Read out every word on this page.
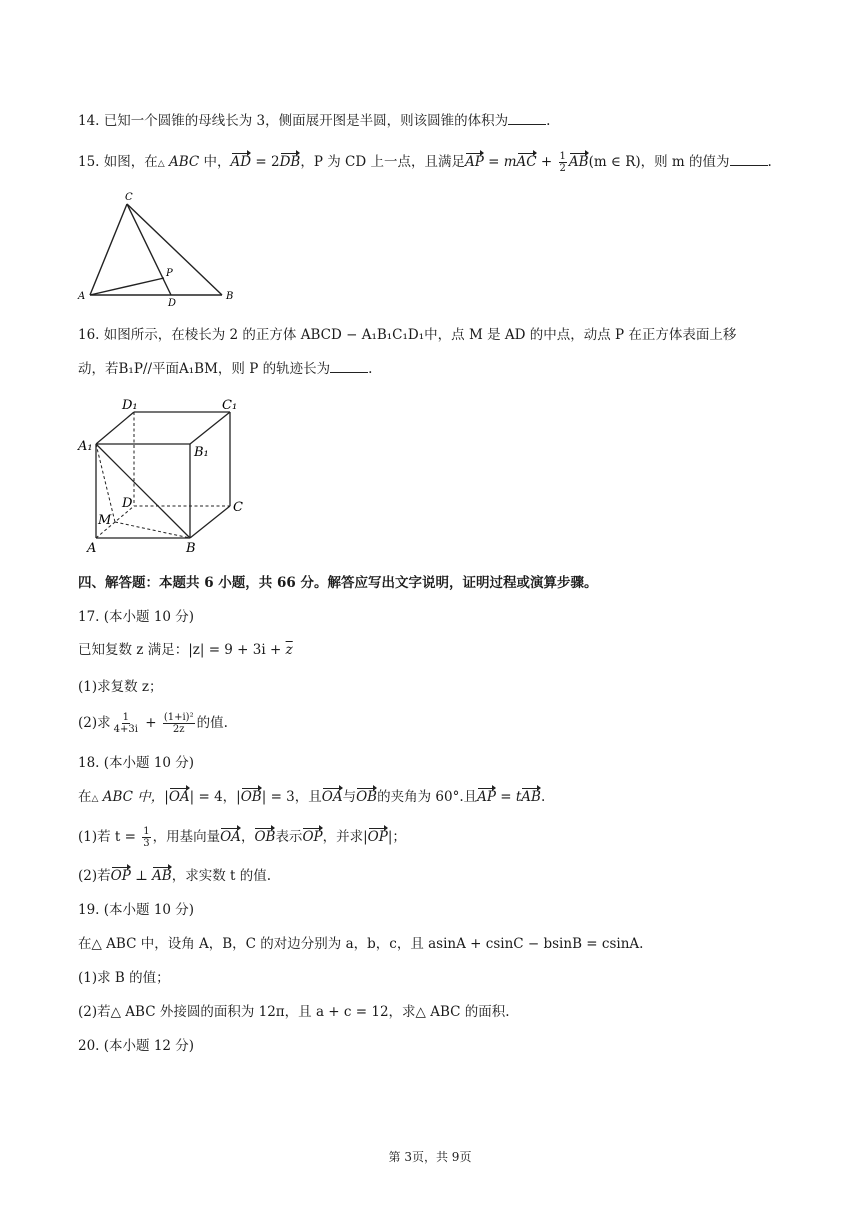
14. 已知一个圆锥的母线长为 3，侧面展开图是半圆，则该圆锥的体积为	.
15. 如图，在△ ABC 中，AD = 2DB，P 为 CD 上一点，且满足AP = mAC + $\frac{1}{2} AB(m$ ∈ R)，则 m 的值为	.
C
P
A
D
B
16. 如图所示，在棱长为 2 的正方体 ABCD − A₁B₁C₁D₁中，点 M 是 AD 的中点，动点 P 在正方体表面上移
动，若B₁P//平面A₁BM，则 P 的轨迹长为	.
D₁	C₁
A₁	B₁
D	C
M
A	B
四、解答题：本题共 6 小题，共 66 分。解答应写出文字说明，证明过程或演算步骤。
17. (本小题 10 分)
已知复数 z 满足：$|z| = 9 + 3i + \overline{z}$
(1)求复数 z；
(2)求 $\frac{1}{4+3i} + \frac{\text{(1+i)²}}{2z}$ 的值.
18. (本小题 10 分)
在△ ABC 中，|OA| = 4，|OB| = 3，且OA与OB的夹角为 60°.且AP = tAB.
(1)若 $t = \frac{1}{3}$ ，用基向量OA，OB表示OP，并求|OP|；
(2)若OP ⊥ AB，求实数 t 的值.
19. (本小题 10 分)
在△ ABC 中，设角 A，B，C 的对边分别为 a，b，c，且 asinA + csinC − bsinB = csinA.
(1)求 B 的值；
(2)若△ ABC 外接圆的面积为 12π，且 a + c = 12，求△ ABC 的面积.
20. (本小题 12 分)
第 3页，共 9页
